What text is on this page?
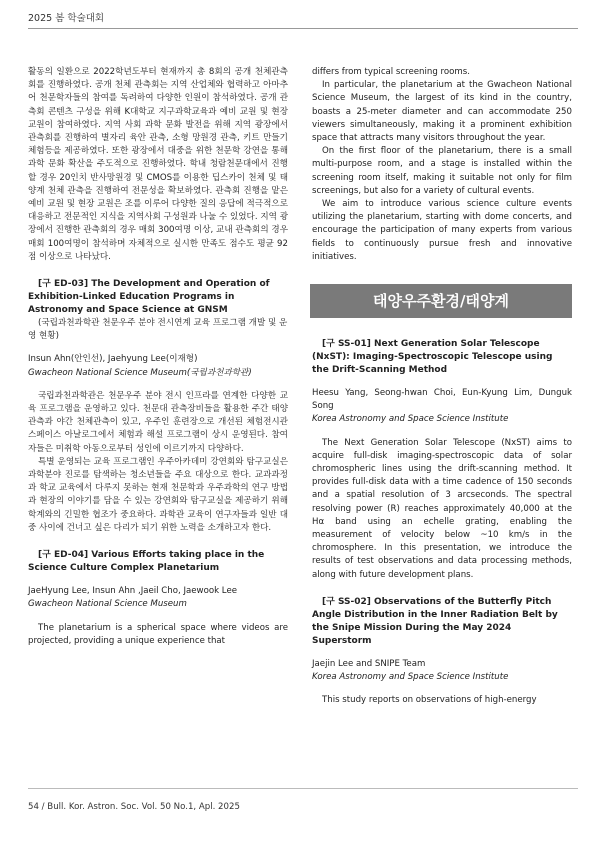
2025 봄 학술대회

활동의 일환으로 2022학년도부터 현재까지 총 8회의 공개 천체관측회를 진행하였다. 공개 천체 관측회는 지역 산업체와 협력하고 아마추어 천문학자들의 참여를 독려하여 다양한 인원이 참석하였다. 공개 관측회 콘텐츠 구성을 위해 K대학교 지구과학교육과 예비 교원 및 현장 교원이 참여하였다. 지역 사회 과학 문화 발전을 위해 지역 광장에서 관측회를 진행하여 별자리 육안 관측, 소형 망원경 관측, 키트 만들기 체험등을 제공하였다. 또한 광장에서 대중을 위한 천문학 강연을 통해 과학 문화 확산을 주도적으로 진행하였다. 학내 청람천문대에서 진행할 경우 20인치 반사망원경 및 CMOS를 이용한 딥스카이 천체 및 태양계 천체 관측을 진행하여 전문성을 확보하였다. 관측회 진행을 맡은 예비 교원 및 현장 교원은 조를 이루어 다양한 질의 응답에 적극적으로 대응하고 전문적인 지식을 지역사회 구성원과 나눌 수 있었다. 지역 광장에서 진행한 관측회의 경우 매회 300여명 이상, 교내 관측회의 경우 매회 100여명이 참석하며 자체적으로 실시한 만족도 점수도 평균 92점 이상으로 나타났다.

[구 ED-03] The Development and Operation of Exhibition-Linked Education Programs in Astronomy and Space Science at GNSM

(국립과천과학관 천문우주 분야 전시연계 교육 프로그램 개발 및 운영 현황)

Insun Ahn(안인선), Jaehyung Lee(이재형)

Gwacheon National Science Museum(국립과천과학관)

국립과천과학관은 천문우주 분야 전시 인프라를 연계한 다양한 교육 프로그램을 운영하고 있다. 천문대 관측장비들을 활용한 주간 태양관측과 야간 천체관측이 있고, 우주인 훈련장으로 개선된 체험전시관 스페이스 아날로그에서 체험과 해설 프로그램이 상시 운영된다. 참여자들은 미취학 아동으로부터 성인에 이르기까지 다양하다.

특별 운영되는 교육 프로그램인 우주아카데미 강연회와 탐구교실은 과학분야 진로를 탐색하는 청소년들을 주요 대상으로 한다. 교과과정과 학교 교육에서 다루지 못하는 현재 천문학과 우주과학의 연구 방법과 현장의 이야기를 담을 수 있는 강연회와 탐구교실을 제공하기 위해 학계와의 긴밀한 협조가 중요하다. 과학관 교육이 연구자들과 일반 대중 사이에 건너고 싶은 다리가 되기 위한 노력을 소개하고자 한다.

[구 ED-04] Various Efforts taking place in the Science Culture Complex Planetarium

JaeHyung Lee, Insun Ahn ,Jaeil Cho, Jaewook Lee

Gwacheon National Science Museum

The planetarium is a spherical space where videos are projected, providing a unique experience that

differs from typical screening rooms.

In particular, the planetarium at the Gwacheon National Science Museum, the largest of its kind in the country, boasts a 25-meter diameter and can accommodate 250 viewers simultaneously, making it a prominent exhibition space that attracts many visitors throughout the year.

On the first floor of the planetarium, there is a small multi-purpose room, and a stage is installed within the screening room itself, making it suitable not only for film screenings, but also for a variety of cultural events.

We aim to introduce various science culture events utilizing the planetarium, starting with dome concerts, and encourage the participation of many experts from various fields to continuously pursue fresh and innovative initiatives.

태양우주환경/태양계

[구 SS-01] Next Generation Solar Telescope (NxST): Imaging-Spectroscopic Telescope using the Drift-Scanning Method

Heesu Yang, Seong-hwan Choi, Eun-Kyung Lim, Dunguk Song

Korea Astronomy and Space Science Institute

The Next Generation Solar Telescope (NxST) aims to acquire full-disk imaging-spectroscopic data of solar chromospheric lines using the drift-scanning method. It provides full-disk data with a time cadence of 150 seconds and a spatial resolution of 3 arcseconds. The spectral resolving power (R) reaches approximately 40,000 at the Hα band using an echelle grating, enabling the measurement of velocity below ~10 km/s in the chromosphere. In this presentation, we introduce the results of test observations and data processing methods, along with future development plans.

[구 SS-02] Observations of the Butterfly Pitch Angle Distribution in the Inner Radiation Belt by the Snipe Mission During the May 2024 Superstorm

Jaejin Lee and SNIPE Team

Korea Astronomy and Space Science Institute

This study reports on observations of high-energy

54 / Bull. Kor. Astron. Soc. Vol. 50 No.1, Apl. 2025
